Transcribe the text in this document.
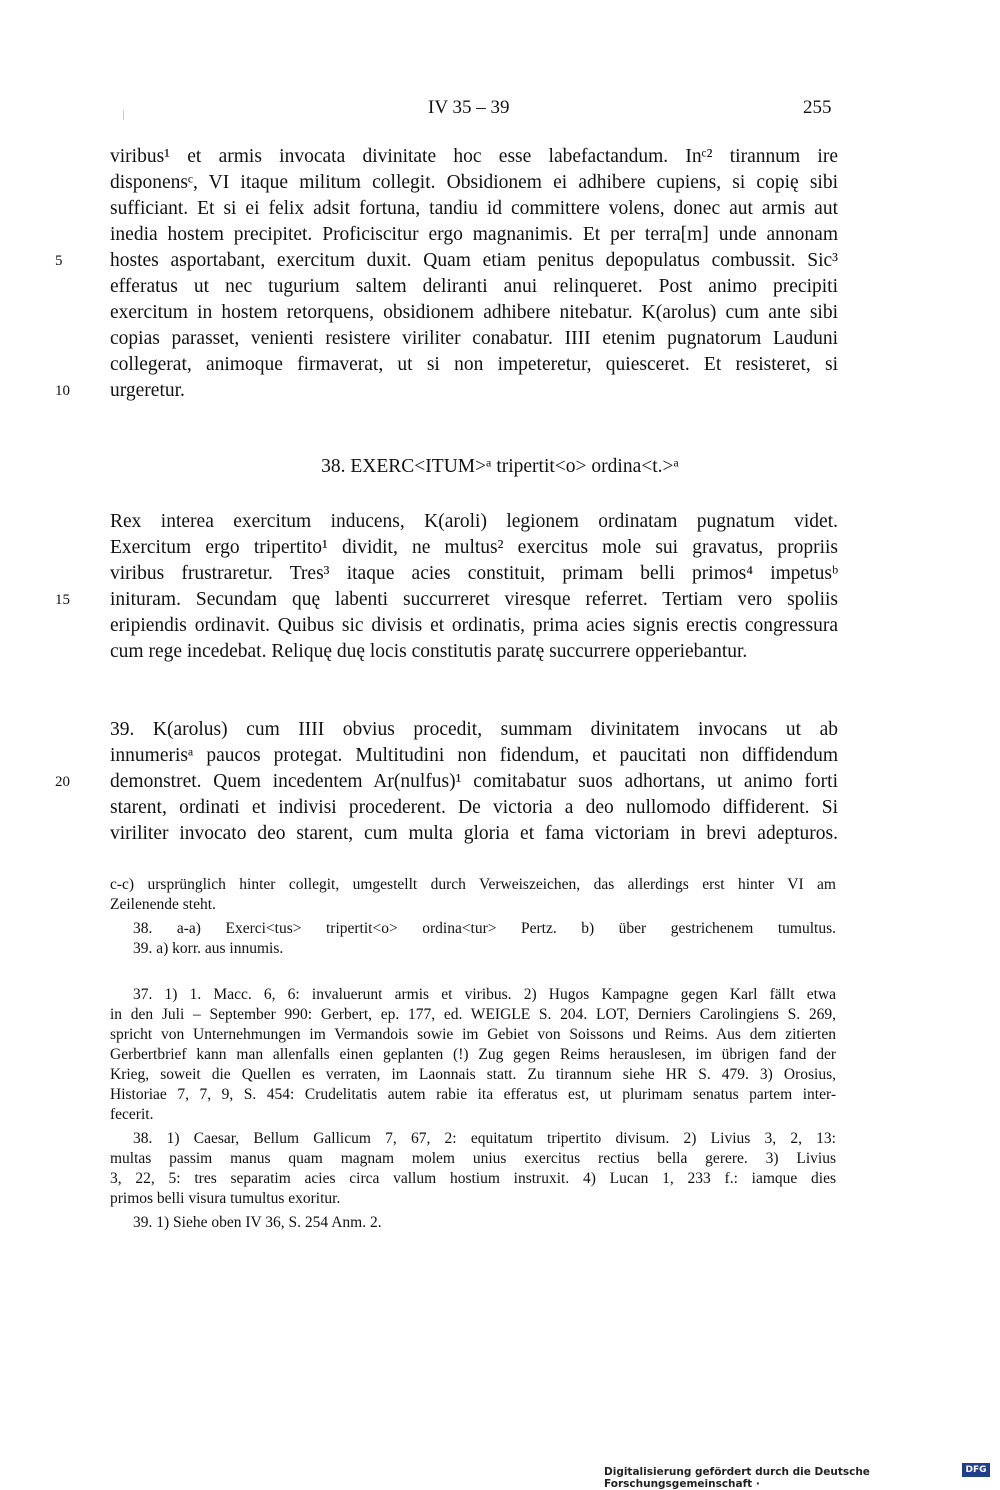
IV 35 – 39	255
viribus¹ et armis invocata divinitate hoc esse labefactandum. Inᶜ² tirannum ire
disponensᶜ, VI itaque militum collegit. Obsidionem ei adhibere cupiens, si copię sibi
sufficiant. Et si ei felix adsit fortuna, tandiu id committere volens, donec aut armis aut
inedia hostem precipitet. Proficiscitur ergo magnanimis. Et per terra[m] unde annonam
hostes asportabant, exercitum duxit. Quam etiam penitus depopulatus combussit. Sic³
efferatus ut nec tugurium saltem deliranti anui relinqueret. Post animo precipiti
exercitum in hostem retorquens, obsidionem adhibere nitebatur. K(arolus) cum ante sibi
copias parasset, venienti resistere viriliter conabatur. IIII etenim pugnatorum Lauduni
collegerat, animoque firmaverat, ut si non impeteretur, quiesceret. Et resisteret, si
urgeretur.
5
10
38. EXERC<ITUM>ᵃ tripertit<o> ordina<t.>ᵃ
Rex interea exercitum inducens, K(aroli) legionem ordinatam pugnatum videt.
Exercitum ergo tripertito¹ dividit, ne multus² exercitus mole sui gravatus, propriis
viribus frustraretur. Tres³ itaque acies constituit, primam belli primos⁴ impetusᵇ
inituram. Secundam quę labenti succurreret viresque referret. Tertiam vero spoliis
eripiendis ordinavit. Quibus sic divisis et ordinatis, prima acies signis erectis congressura
cum rege incedebat. Reliquę duę locis constitutis paratę succurrere opperiebantur.
15
39. K(arolus) cum IIII obvius procedit, summam divinitatem invocans ut ab
innumerisᵃ paucos protegat. Multitudini non fidendum, et paucitati non diffidendum
demonstret. Quem incedentem Ar(nulfus)¹ comitabatur suos adhortans, ut animo forti
starent, ordinati et indivisi procederent. De victoria a deo nullomodo diffiderent. Si
viriliter invocato deo starent, cum multa gloria et fama victoriam in brevi adepturos.
20
c-c) ursprünglich hinter collegit, umgestellt durch Verweiszeichen, das allerdings erst hinter VI am
Zeilenende steht.
38. a-a) Exerci<tus> tripertit<o> ordina<tur> Pertz. b) über gestrichenem tumultus.
39. a) korr. aus innumis.
37. 1) 1. Macc. 6, 6: invaluerunt armis et viribus. 2) Hugos Kampagne gegen Karl fällt etwa
in den Juli – September 990: Gerbert, ep. 177, ed. WEIGLE S. 204. LOT, Derniers Carolingiens S. 269,
spricht von Unternehmungen im Vermandois sowie im Gebiet von Soissons und Reims. Aus dem zitierten
Gerbertbrief kann man allenfalls einen geplanten (!) Zug gegen Reims herauslesen, im übrigen fand der
Krieg, soweit die Quellen es verraten, im Laonnais statt. Zu tirannum siehe HR S. 479. 3) Orosius,
Historiae 7, 7, 9, S. 454: Crudelitatis autem rabie ita efferatus est, ut plurimam senatus partem inter-
fecerit.
38. 1) Caesar, Bellum Gallicum 7, 67, 2: equitatum tripertito divisum. 2) Livius 3, 2, 13:
multas passim manus quam magnam molem unius exercitus rectius bella gerere. 3) Livius
3, 22, 5: tres separatim acies circa vallum hostium instruxit. 4) Lucan 1, 233 f.: iamque dies
primos belli visura tumultus exoritur.
39. 1) Siehe oben IV 36, S. 254 Anm. 2.
Digitalisierung gefördert durch die Deutsche Forschungsgemeinschaft ·
DFG
